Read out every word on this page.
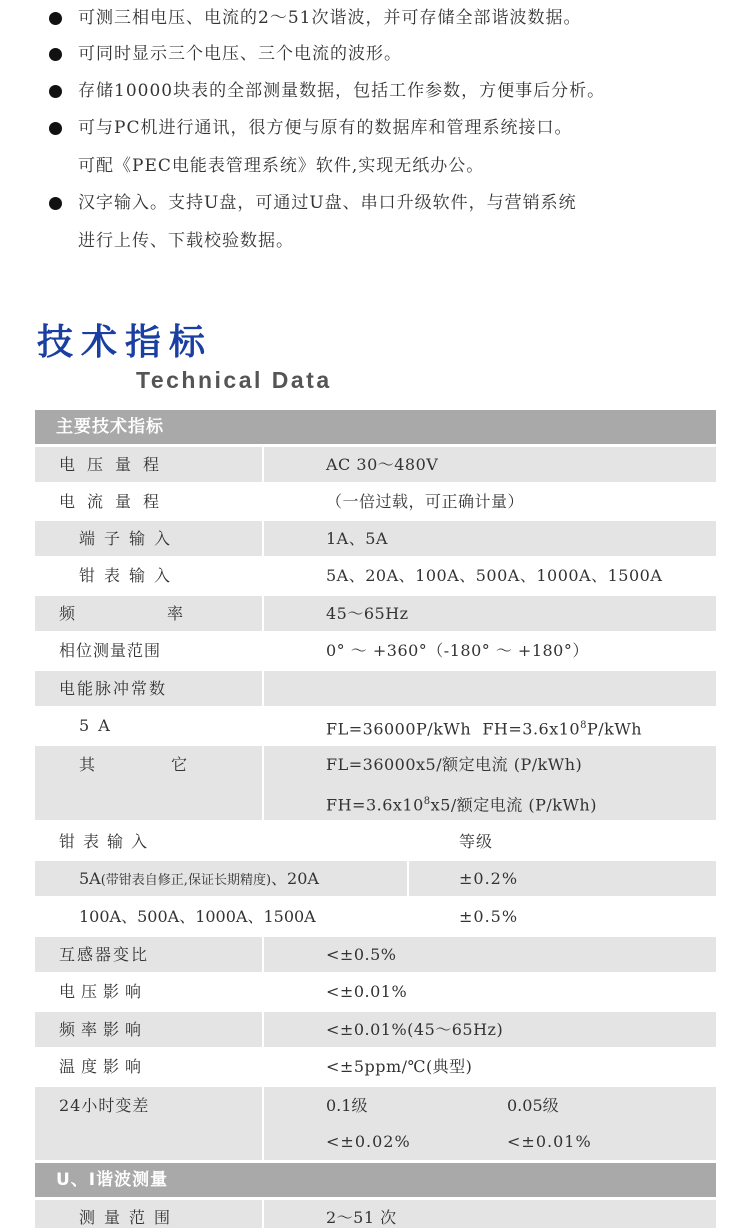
可测三相电压、电流的2～51次谐波，并可存储全部谐波数据。
可同时显示三个电压、三个电流的波形。
存储10000块表的全部测量数据，包括工作参数，方便事后分析。
可与PC机进行通讯，很方便与原有的数据库和管理系统接口。
可配《PEC电能表管理系统》软件,实现无纸办公。
汉字输入。支持U盘，可通过U盘、串口升级软件，与营销系统
进行上传、下载校验数据。
技术指标
Technical Data
主要技术指标
电压量程	AC 30～480V
电流量程	（一倍过载，可正确计量）
端子输入	1A、5A
钳表输入	5A、20A、100A、500A、1000A、1500A
频率	45～65Hz
相位测量范围	0° ～ +360°（-180° ～ +180°）
电能脉冲常数
5 A	FL=36000P/kWh $FH=3.6x10^8P$/kWh
其它	FL=36000x5/额定电流 (P/kWh)
$FH=3.6x10^8x5/$额定电流 (P/kWh)
钳表输入	等级
5A(带钳表自修正,保证长期精度)、20A	±0.2%
100A、500A、1000A、1500A	±0.5%
互感器变比	<±0.5%
电压影响	<±0.01%
频率影响	<±0.01%(45～65Hz)
温度影响	<±5ppm/℃(典型)
24小时变差	0.1级	0.05级
<±0.02%	<±0.01%
U、I谐波测量
测量范围	2～51 次
